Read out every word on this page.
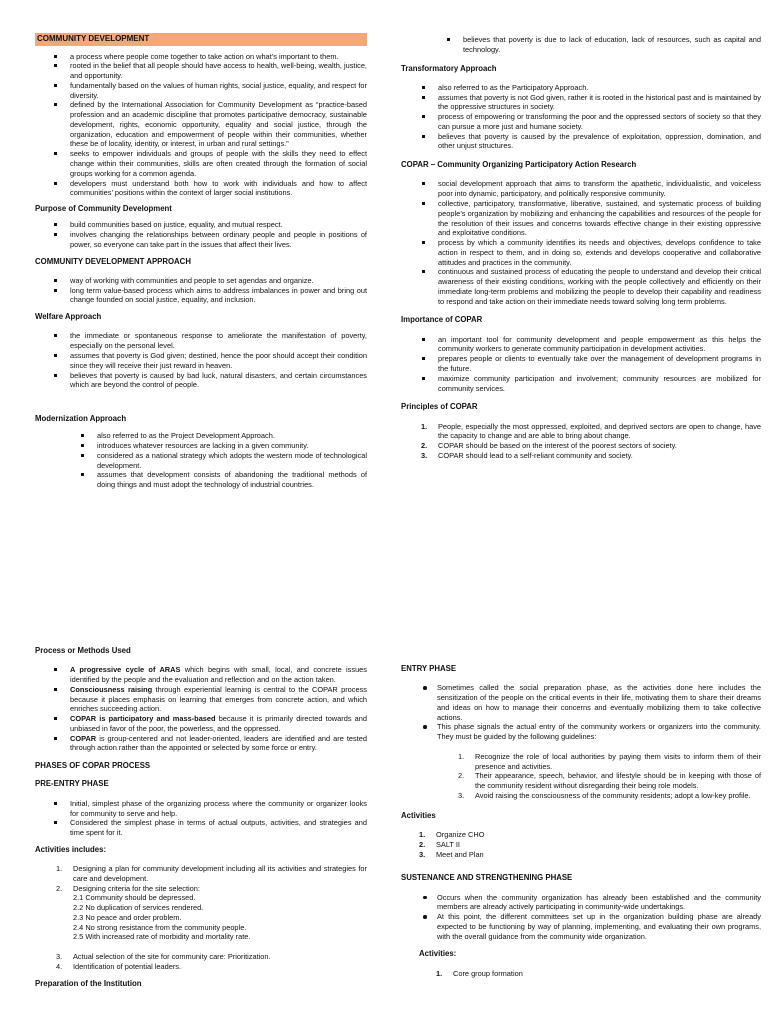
COMMUNITY DEVELOPMENT
a process where people come together to take action on what’s important to them.
rooted in the belief that all people should have access to health, well-being, wealth, justice, and opportunity.
fundamentally based on the values of human rights, social justice, equality, and respect for diversity.
defined by the International Association for Community Development as “practice-based profession and an academic discipline that promotes participative democracy, sustainable development, rights, economic opportunity, equality and social justice, through the organization, education and empowerment of people within their communities, whether these be of locality, identity, or interest, in urban and rural settings.”
seeks to empower individuals and groups of people with the skills they need to effect change within their communities, skills are often created through the formation of social groups working for a common agenda.
developers must understand both how to work with individuals and how to affect communities’ positions within the context of larger social institutions.
Purpose of Community Development
build communities based on justice, equality, and mutual respect.
involves changing the relationships between ordinary people and people in positions of power, so everyone can take part in the issues that affect their lives.
COMMUNITY DEVELOPMENT APPROACH
way of working with communities and people to set agendas and organize.
long term value-based process which aims to address imbalances in power and bring out change founded on social justice, equality, and inclusion.
Welfare Approach
the immediate or spontaneous response to ameliorate the manifestation of poverty, especially on the personal level.
assumes that poverty is God given; destined, hence the poor should accept their condition since they will receive their just reward in heaven.
believes that poverty is caused by bad luck, natural disasters, and certain circumstances which are beyond the control of people.
Modernization Approach
also referred to as the Project Development Approach.
introduces whatever resources are lacking in a given community.
considered as a national strategy which adopts the western mode of technological development.
assumes that development consists of abandoning the traditional methods of doing things and must adopt the technology of industrial countries.
believes that poverty is due to lack of education, lack of resources, such as capital and technology.
Transformatory Approach
also referred to as the Participatory Approach.
assumes that poverty is not God given, rather it is rooted in the historical past and is maintained by the oppressive structures in society.
process of empowering or transforming the poor and the oppressed sectors of society so that they can pursue a more just and humane society.
believes that poverty is caused by the prevalence of exploitation, oppression, domination, and other unjust structures.
COPAR – Community Organizing Participatory Action Research
social development approach that aims to transform the apathetic, individualistic, and voiceless poor into dynamic, participatory, and politically responsive community.
collective, participatory, transformative, liberative, sustained, and systematic process of building people’s organization by mobilizing and enhancing the capabilities and resources of the people for the resolution of their issues and concerns towards effective change in their existing oppressive and exploitative conditions.
process by which a community identifies its needs and objectives, develops confidence to take action in respect to them, and in doing so, extends and develops cooperative and collaborative attitudes and practices in the community.
continuous and sustained process of educating the people to understand and develop their critical awareness of their existing conditions, working with the people collectively and efficiently on their immediate long-term problems and mobilizing the people to develop their capability and readiness to respond and take action on their immediate needs toward solving long term problems.
Importance of COPAR
an important tool for community development and people empowerment as this helps the community workers to generate community participation in development activities.
prepares people or clients to eventually take over the management of development programs in the future.
maximize community participation and involvement; community resources are mobilized for community services.
Principles of COPAR
1. People, especially the most oppressed, exploited, and deprived sectors are open to change, have the capacity to change and are able to bring about change.
2. COPAR should be based on the interest of the poorest sectors of society.
3. COPAR should lead to a self-reliant community and society.
Process or Methods Used
A progressive cycle of ARAS which begins with small, local, and concrete issues identified by the people and the evaluation and reflection and on the action taken.
Consciousness raising through experiential learning is central to the COPAR process because it places emphasis on learning that emerges from concrete action, and which enriches succeeding action.
COPAR is participatory and mass-based because it is primarily directed towards and unbiased in favor of the poor, the powerless, and the oppressed.
COPAR is group-centered and not leader-oriented, leaders are identified and are tested through action rather than the appointed or selected by some force or entry.
PHASES OF COPAR PROCESS
PRE-ENTRY PHASE
Initial, simplest phase of the organizing process where the community or organizer looks for community to serve and help.
Considered the simplest phase in terms of actual outputs, activities, and strategies and time spent for it.
Activities includes:
1. Designing a plan for community development including all its activities and strategies for care and development.
2. Designing criteria for the site selection:
2.1 Community should be depressed.
2.2 No duplication of services rendered.
2.3 No peace and order problem.
2.4 No strong resistance from the community people.
2.5 With increased rate of morbidity and mortality rate.
3. Actual selection of the site for community care: Prioritization.
4. Identification of potential leaders.
Preparation of the Institution
ENTRY PHASE
Sometimes called the social preparation phase, as the activities done here includes the sensitization of the people on the critical events in their life, motivating them to share their dreams and ideas on how to manage their concerns and eventually mobilizing them to take collective actions.
This phase signals the actual entry of the community workers or organizers into the community. They must be guided by the following guidelines:
1. Recognize the role of local authorities by paying them visits to inform them of their presence and activities.
2. Their appearance, speech, behavior, and lifestyle should be in keeping with those of the community resident without disregarding their being role models.
3. Avoid raising the consciousness of the community residents; adopt a low-key profile.
Activities
1. Organize CHO
2. SALT II
3. Meet and Plan
SUSTENANCE AND STRENGTHENING PHASE
Occurs when the community organization has already been established and the community members are already actively participating in community-wide undertakings.
At this point, the different committees set up in the organization building phase are already expected to be functioning by way of planning, implementing, and evaluating their own programs, with the overall guidance from the community wide organization.
Activities:
1. Core group formation
